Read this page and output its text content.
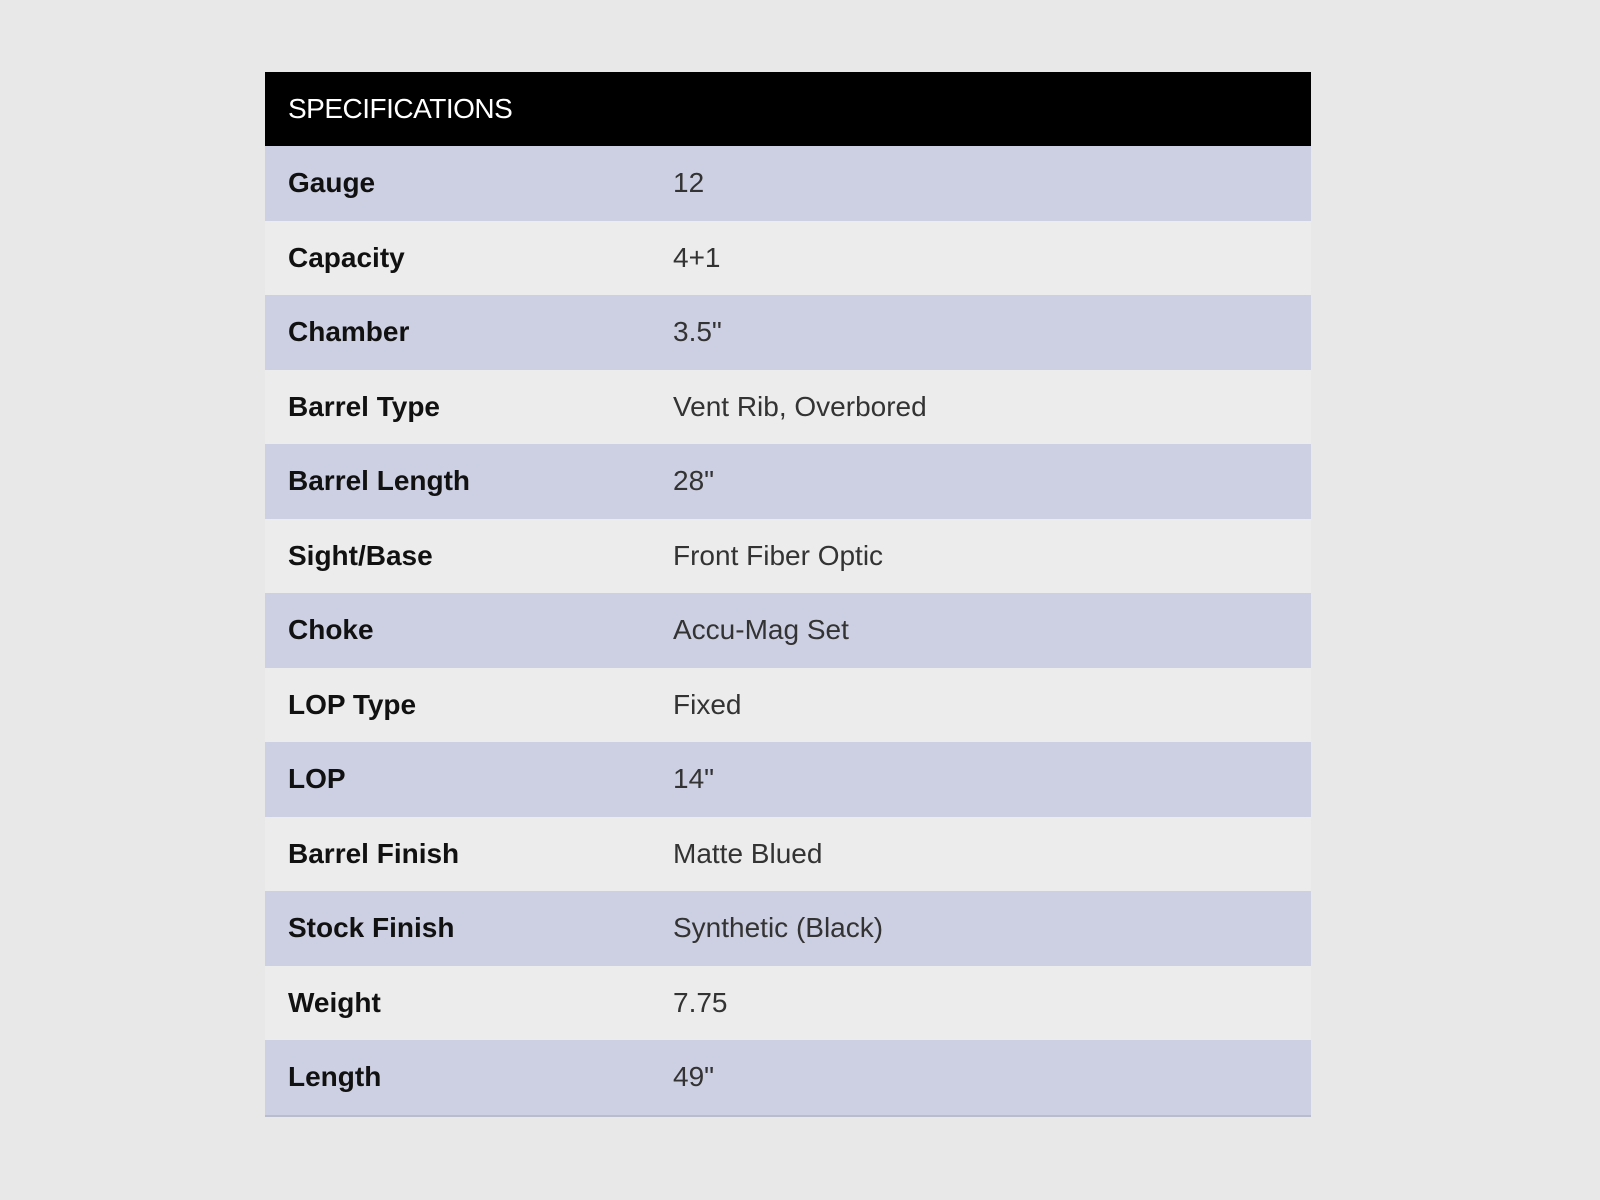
SPECIFICATIONS
Gauge	12
Capacity	4+1
Chamber	3.5"
Barrel Type	Vent Rib, Overbored
Barrel Length	28"
Sight/Base	Front Fiber Optic
Choke	Accu-Mag Set
LOP Type	Fixed
LOP	14"
Barrel Finish	Matte Blued
Stock Finish	Synthetic (Black)
Weight	7.75
Length	49"
